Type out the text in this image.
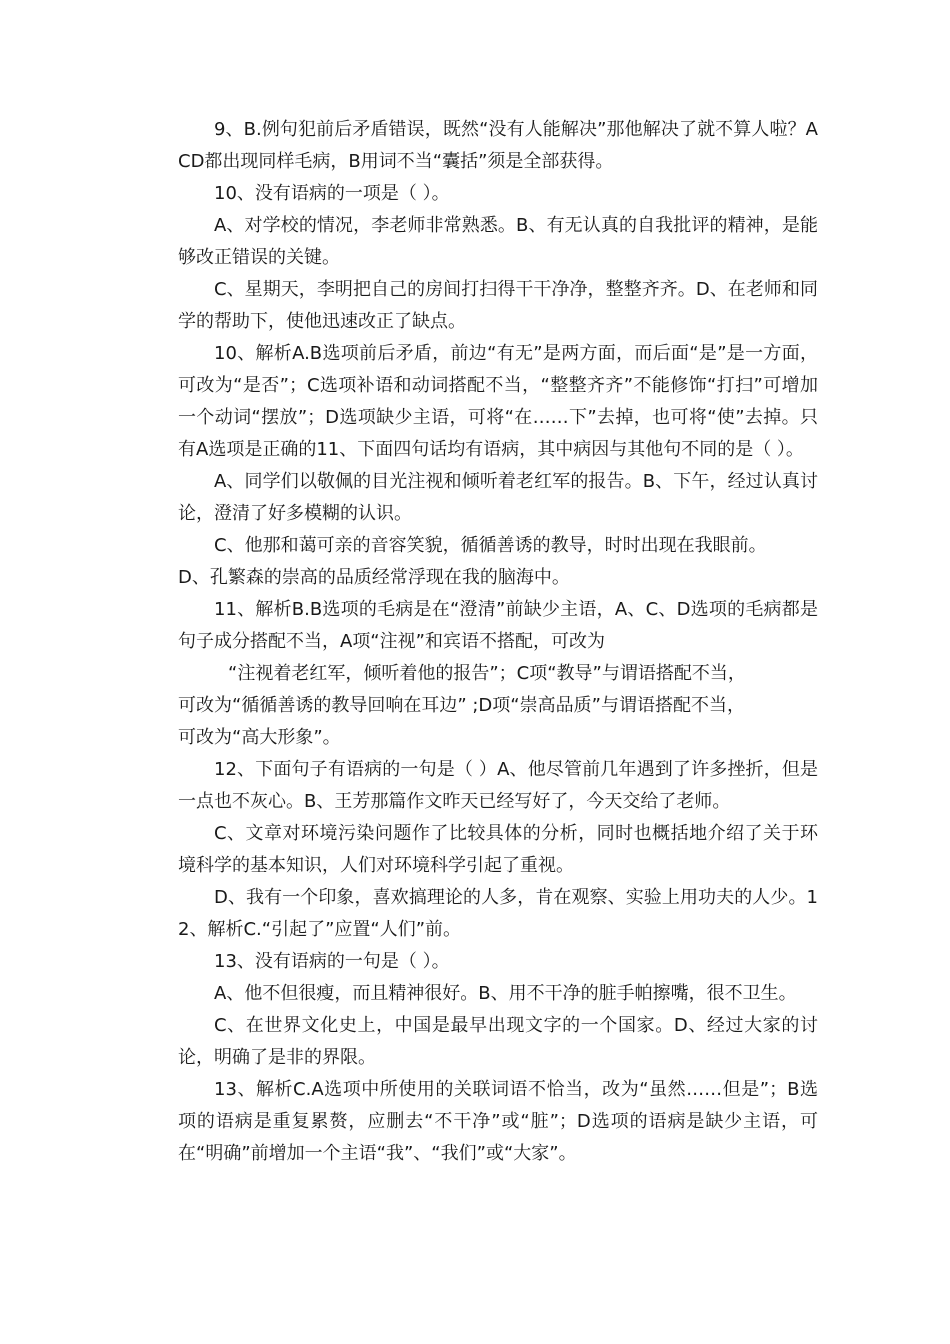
9、B.例句犯前后矛盾错误，既然“没有人能解决”那他解决了就不算人啦？ACD都出现同样毛病，B用词不当“囊括”须是全部获得。

10、没有语病的一项是（ ）。

A、对学校的情况，李老师非常熟悉。B、有无认真的自我批评的精神，是能够改正错误的关键。

C、星期天，李明把自己的房间打扫得干干净净，整整齐齐。D、在老师和同学的帮助下，使他迅速改正了缺点。

10、解析A.B选项前后矛盾，前边“有无”是两方面，而后面“是”是一方面，可改为“是否”；C选项补语和动词搭配不当，“整整齐齐”不能修饰“打扫”可增加一个动词“摆放”；D选项缺少主语，可将“在……下”去掉，也可将“使”去掉。只有A选项是正确的11、下面四句话均有语病，其中病因与其他句不同的是（ ）。

A、同学们以敬佩的目光注视和倾听着老红军的报告。B、下午，经过认真讨论，澄清了好多模糊的认识。

C、他那和蔼可亲的音容笑貌，循循善诱的教导，时时出现在我眼前。

D、孔繁森的崇高的品质经常浮现在我的脑海中。

11、解析B.B选项的毛病是在“澄清”前缺少主语，A、C、D选项的毛病都是句子成分搭配不当，A项“注视”和宾语不搭配，可改为

“注视着老红军，倾听着他的报告”；C项“教导”与谓语搭配不当，

可改为“循循善诱的教导回响在耳边” ;D项“崇高品质”与谓语搭配不当，

可改为“高大形象”。

12、下面句子有语病的一句是（ ）A、他尽管前几年遇到了许多挫折，但是一点也不灰心。B、王芳那篇作文昨天已经写好了，今天交给了老师。

C、文章对环境污染问题作了比较具体的分析，同时也概括地介绍了关于环境科学的基本知识，人们对环境科学引起了重视。

D、我有一个印象，喜欢搞理论的人多，肯在观察、实验上用功夫的人少。12、解析C.“引起了”应置“人们”前。

13、没有语病的一句是（ ）。

A、他不但很瘦，而且精神很好。B、用不干净的脏手帕擦嘴，很不卫生。

C、在世界文化史上，中国是最早出现文字的一个国家。D、经过大家的讨论，明确了是非的界限。

13、解析C.A选项中所使用的关联词语不恰当，改为“虽然……但是”；B选项的语病是重复累赘，应删去“不干净”或“脏”；D选项的语病是缺少主语，可在“明确”前增加一个主语“我”、“我们”或“大家”。
